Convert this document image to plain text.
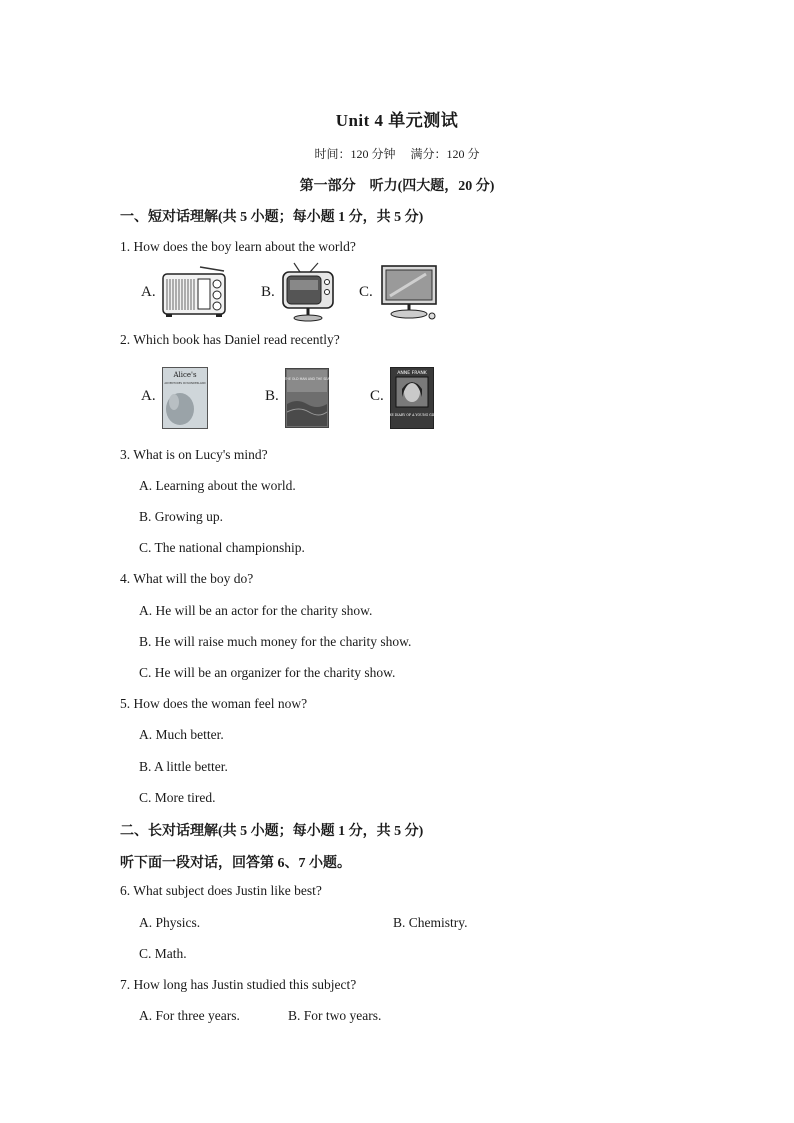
Unit 4 单元测试
时间：120 分钟 满分：120 分
第一部分　听力(四大题，20 分)
一、短对话理解(共 5 小题；每小题 1 分，共 5 分)
1. How does the boy learn about the world?
A.	B.	C.
2. Which book has Daniel read recently?
A.
Alice's
ADVENTURES IN WONDERLAND
B.
THE OLD MAN AND THE SEA
C.
ANNE FRANK
THE DIARY OF A YOUNG GIRL
3. What is on Lucy's mind?
A. Learning about the world.
B. Growing up.
C. The national championship.
4. What will the boy do?
A. He will be an actor for the charity show.
B. He will raise much money for the charity show.
C. He will be an organizer for the charity show.
5. How does the woman feel now?
A. Much better.
B. A little better.
C. More tired.
二、长对话理解(共 5 小题；每小题 1 分，共 5 分)
听下面一段对话，回答第 6、7 小题。
6. What subject does Justin like best?
A. Physics.	B. Chemistry.
C. Math.
7. How long has Justin studied this subject?
A. For three years.	B. For two years.
